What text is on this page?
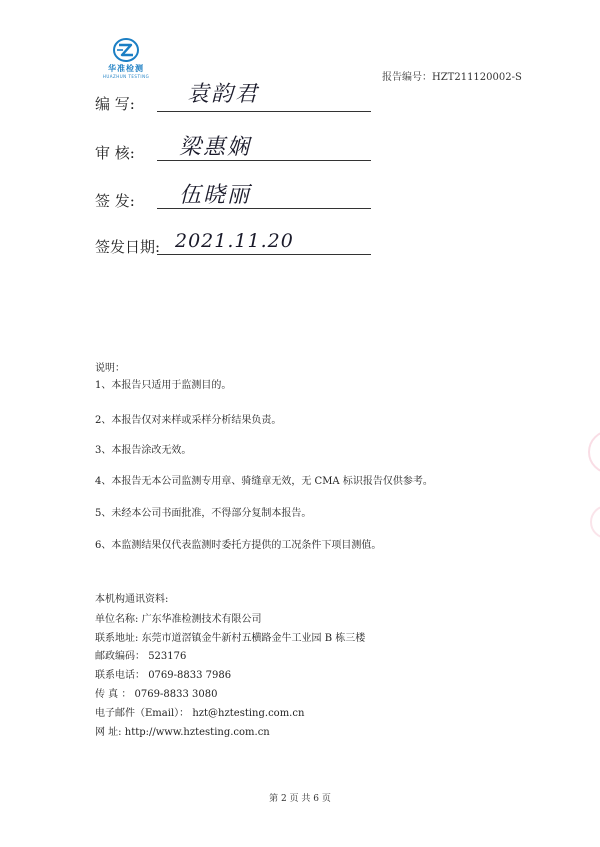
华准检测
HUAZHUN TESTING	报告编号：HZT211120002-S
编 写: 袁韵君
审 核: 梁惠娴
签 发: 伍晓丽
签发日期: 2021.11.20
说明：
1、本报告只适用于监测目的。
2、本报告仅对来样或采样分析结果负责。
3、本报告涂改无效。
4、本报告无本公司监测专用章、骑缝章无效，无 CMA 标识报告仅供参考。
5、未经本公司书面批准，不得部分复制本报告。
6、本监测结果仅代表监测时委托方提供的工况条件下项目测值。
本机构通讯资料:
单位名称: 广东华准检测技术有限公司
联系地址: 东莞市道滘镇金牛新村五横路金牛工业园 B 栋三楼
邮政编码： 523176
联系电话： 0769-8833 7986
传 真 ： 0769-8833 3080
电子邮件（Email）： hzt@hztesting.com.cn
网 址: http://www.hztesting.com.cn
第 2 页 共 6 页
